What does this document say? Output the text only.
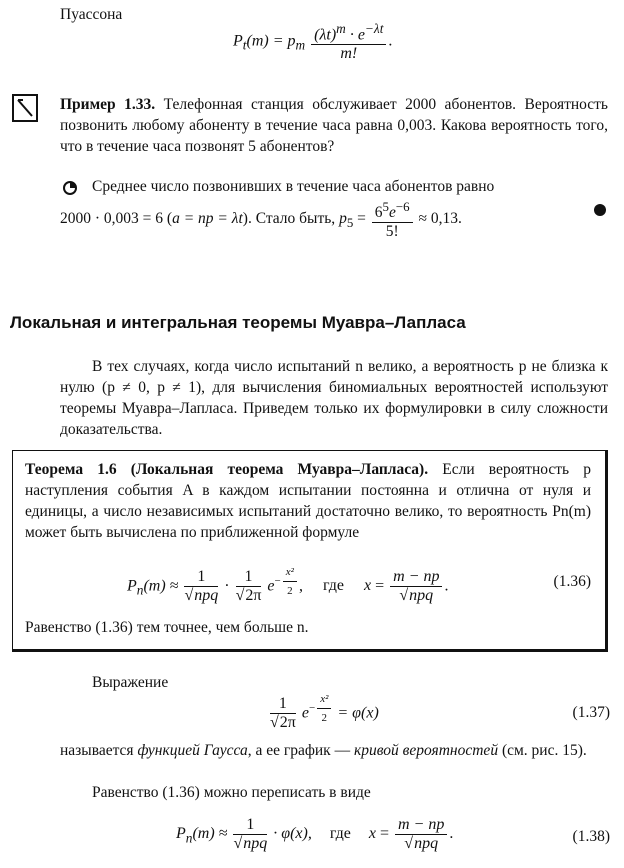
Пуассона
$P_t(m) = p_m \frac{(\lambda t)^m \cdot e^{-\lambda t}}{m!}$ .
Пример 1.33. Телефонная станция обслуживает 2000 абонентов. Вероятность позвонить любому абоненту в течение часа равна 0,003. Какова вероятность того, что в течение часа позвонят 5 абонентов?
Среднее число позвонивших в течение часа абонентов равно
2000 · 0,003 = 6 (a = np = λt). Стало быть, $p_5 = \frac{6^5e^{-6}}{5!} \approx 0,13$.
Локальная и интегральная теоремы Муавра–Лапласа
В тех случаях, когда число испытаний n велико, а вероятность p не близка к нулю (p ≠ 0, p ≠ 1), для вычисления биномиальных вероятностей используют теоремы Муавра–Лапласа. Приведем только их формулировки в силу сложности доказательства.
Теорема 1.6 (Локальная теорема Муавра–Лапласа). Если вероятность p наступления события A в каждом испытании постоянна и отлична от нуля и единицы, а число независимых испытаний достаточно велико, то вероятность Pn(m) может быть вычислена по приближенной формуле
$P_n(m) \approx \frac{1}{\text{√npq}} \cdot \frac{1}{√2\pi} e^{- \frac{\text{x²}}{2}}$ , где $x = \frac{m - np}{\text{√npq}}$ .	(1.36)
Равенство (1.36) тем точнее, чем больше n.
Выражение
$\frac{1}{√2\pi} e^{- \frac{\text{x²}}{2}} = \varphi(x)$	(1.37)
называется функцией Гаусса, а ее график — кривой вероятностей (см. рис. 15).
Равенство (1.36) можно переписать в виде
$P_n(m) \approx \frac{1}{\text{√npq}} \cdot \varphi(x)$, где $x = \frac{m - np}{\text{√npq}}$ .	(1.38)
